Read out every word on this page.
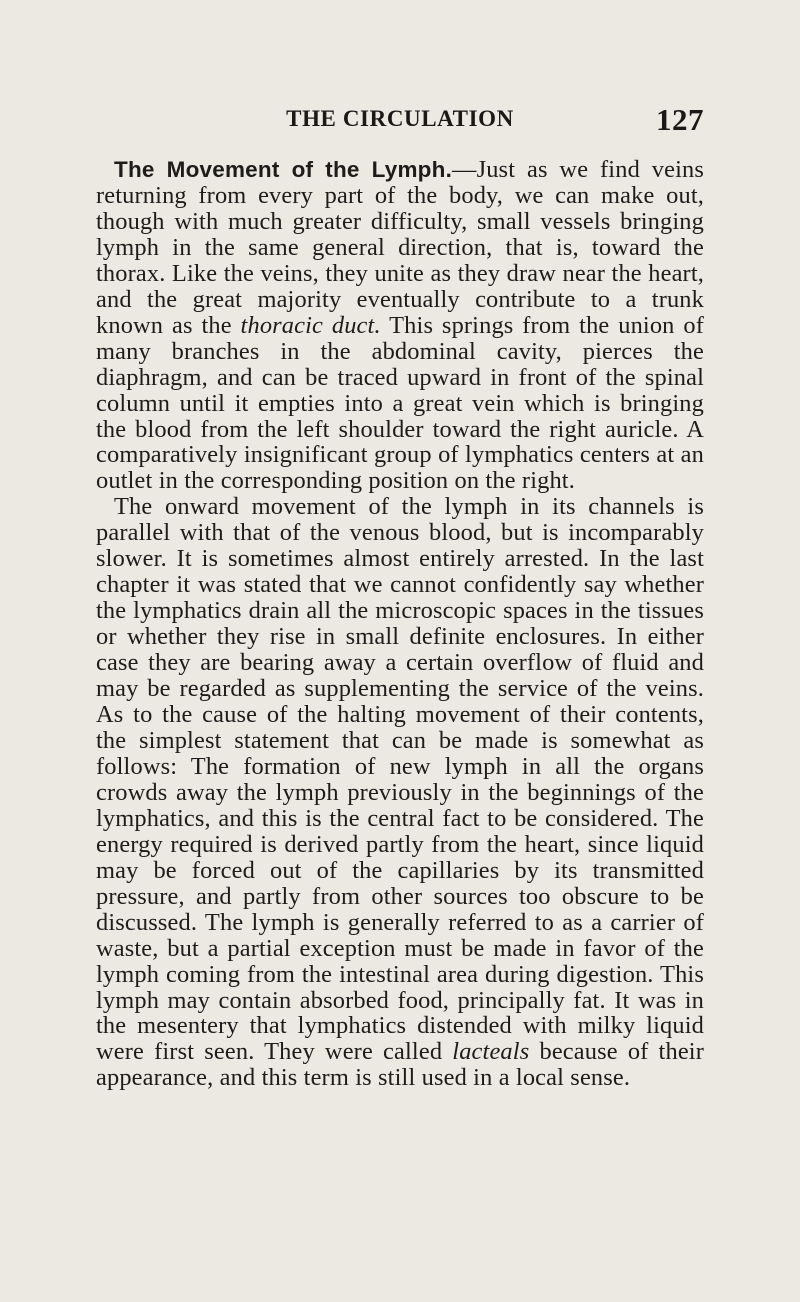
THE CIRCULATION	127

The Movement of the Lymph.—Just as we find veins returning from every part of the body, we can make out, though with much greater difficulty, small vessels bringing lymph in the same general direction, that is, toward the thorax. Like the veins, they unite as they draw near the heart, and the great majority eventually contribute to a trunk known as the thoracic duct. This springs from the union of many branches in the abdominal cavity, pierces the diaphragm, and can be traced upward in front of the spinal column until it empties into a great vein which is bringing the blood from the left shoulder toward the right auricle. A comparatively insignificant group of lymphatics centers at an outlet in the corresponding position on the right.

The onward movement of the lymph in its channels is parallel with that of the venous blood, but is incomparably slower. It is sometimes almost entirely arrested. In the last chapter it was stated that we cannot confidently say whether the lymphatics drain all the microscopic spaces in the tissues or whether they rise in small definite enclosures. In either case they are bearing away a certain overflow of fluid and may be regarded as supplementing the service of the veins. As to the cause of the halting movement of their contents, the simplest statement that can be made is somewhat as follows: The formation of new lymph in all the organs crowds away the lymph previously in the beginnings of the lymphatics, and this is the central fact to be considered. The energy required is derived partly from the heart, since liquid may be forced out of the capillaries by its transmitted pressure, and partly from other sources too obscure to be discussed. The lymph is generally referred to as a carrier of waste, but a partial exception must be made in favor of the lymph coming from the intestinal area during digestion. This lymph may contain absorbed food, principally fat. It was in the mesentery that lymphatics distended with milky liquid were first seen. They were called lacteals because of their appearance, and this term is still used in a local sense.
